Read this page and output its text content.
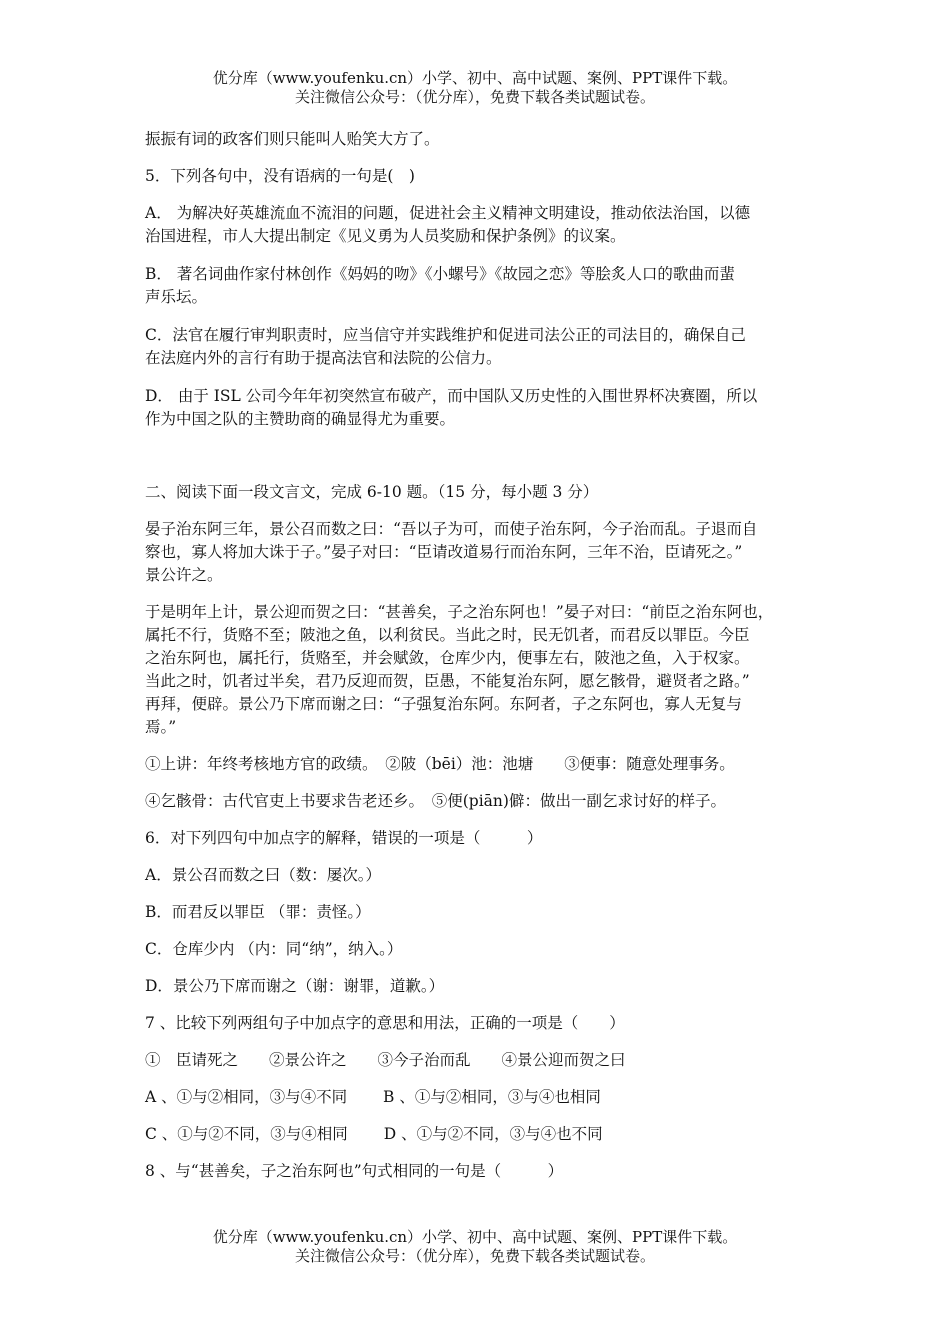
优分库（www.youfenku.cn）小学、初中、高中试题、案例、PPT课件下载。
关注微信公众号：（优分库），免费下载各类试题试卷。

振振有词的政客们则只能叫人贻笑大方了。

5．下列各句中，没有语病的一句是(　)

A． 为解决好英雄流血不流泪的问题，促进社会主义精神文明建设，推动依法治国，以德

治国进程，市人大提出制定《见义勇为人员奖励和保护条例》的议案。

B． 著名词曲作家付林创作《妈妈的吻》《小螺号》《故园之恋》等脍炙人口的歌曲而蜚

声乐坛。

C．法官在履行审判职责时，应当信守并实践维护和促进司法公正的司法目的，确保自己

在法庭内外的言行有助于提高法官和法院的公信力。

D． 由于 ISL 公司今年年初突然宣布破产，而中国队又历史性的入围世界杯决赛圈，所以

作为中国之队的主赞助商的确显得尤为重要。

二、阅读下面一段文言文，完成 6-10 题。（15 分，每小题 3 分）

晏子治东阿三年，景公召而数之曰：“吾以子为可，而使子治东阿，今子治而乱。子退而自

察也，寡人将加大诛于子。”晏子对曰：“臣请改道易行而治东阿，三年不治，臣请死之。”

景公许之。

于是明年上计，景公迎而贺之曰：“甚善矣，子之治东阿也！”晏子对曰：“前臣之治东阿也，

属托不行，货赂不至；陂池之鱼，以利贫民。当此之时，民无饥者，而君反以罪臣。今臣

之治东阿也，属托行，货赂至，并会赋敛，仓库少内，便事左右，陂池之鱼，入于权家。

当此之时，饥者过半矣，君乃反迎而贺，臣愚，不能复治东阿，愿乞骸骨，避贤者之路。”

再拜，便辟。景公乃下席而谢之曰：“子强复治东阿。东阿者，子之东阿也，寡人无复与

焉。”

①上讲：年终考核地方官的政绩。　②陂（bēi）池：池塘　　③便事：随意处理事务。

④乞骸骨：古代官吏上书要求告老还乡。　⑤便(piān)僻：做出一副乞求讨好的样子。

6．对下列四句中加点字的解释，错误的一项是（　　　）

A．景公召而数之曰（数：屡次。）

B．而君反以罪臣 （罪：责怪。）

C．仓库少内 （内：同“纳”，纳入。）

D．景公乃下席而谢之（谢：谢罪，道歉。）

7 、比较下列两组句子中加点字的意思和用法，正确的一项是（　　）

①　臣请死之　　②景公许之　　③今子治而乱　　④景公迎而贺之曰

A 、①与②相同，③与④不同　　 B 、①与②相同，③与④也相同

C 、①与②不同，③与④相同　　 D 、①与②不同，③与④也不同

8 、与“甚善矣，子之治东阿也”句式相同的一句是（　　　）

优分库（www.youfenku.cn）小学、初中、高中试题、案例、PPT课件下载。
关注微信公众号：（优分库），免费下载各类试题试卷。
